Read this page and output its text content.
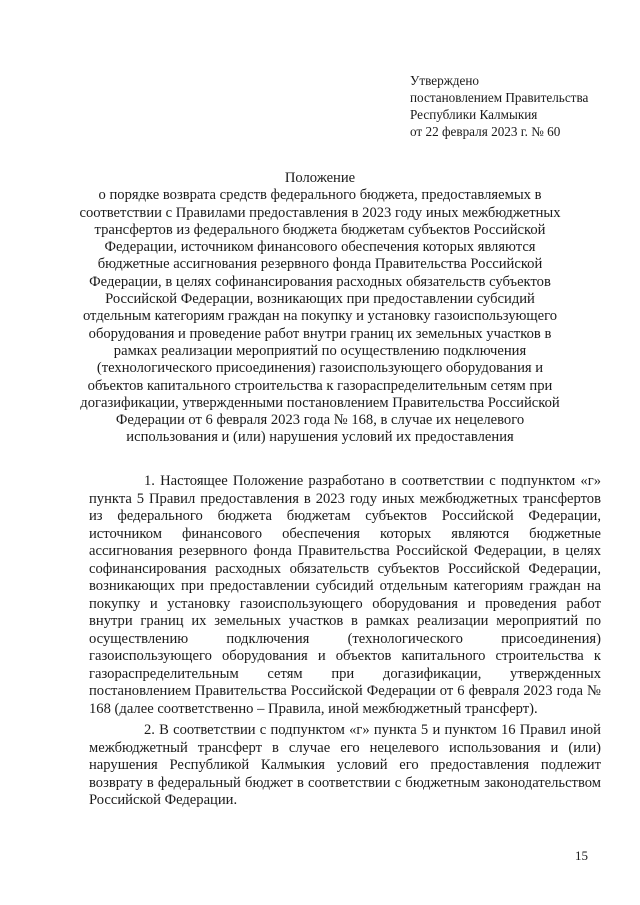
Утверждено
постановлением Правительства
Республики Калмыкия
от 22 февраля 2023 г. № 60
Положение
о порядке возврата средств федерального бюджета, предоставляемых в
соответствии с Правилами предоставления в 2023 году иных межбюджетных
трансфертов из федерального бюджета бюджетам субъектов Российской
Федерации, источником финансового обеспечения которых являются
бюджетные ассигнования резервного фонда Правительства Российской
Федерации, в целях софинансирования расходных обязательств субъектов
Российской Федерации, возникающих при предоставлении субсидий
отдельным категориям граждан на покупку и установку газоиспользующего
оборудования и проведение работ внутри границ их земельных участков в
рамках реализации мероприятий по осуществлению подключения
(технологического присоединения) газоиспользующего оборудования и
объектов капитального строительства к газораспределительным сетям при
догазификации, утвержденными постановлением Правительства Российской
Федерации от 6 февраля 2023 года № 168, в случае их нецелевого
использования и (или) нарушения условий их предоставления

1. Настоящее Положение разработано в соответствии с подпунктом «г» пункта 5 Правил предоставления в 2023 году иных межбюджетных трансфертов из федерального бюджета бюджетам субъектов Российской Федерации, источником финансового обеспечения которых являются бюджетные ассигнования резервного фонда Правительства Российской Федерации, в целях софинансирования расходных обязательств субъектов Российской Федерации, возникающих при предоставлении субсидий отдельным категориям граждан на покупку и установку газоиспользующего оборудования и проведения работ внутри границ их земельных участков в рамках реализации мероприятий по осуществлению подключения (технологического присоединения) газоиспользующего оборудования и объектов капитального строительства к газораспределительным сетям при догазификации, утвержденных постановлением Правительства Российской Федерации от 6 февраля 2023 года № 168 (далее соответственно – Правила, иной межбюджетный трансферт).

2. В соответствии с подпунктом «г» пункта 5 и пунктом 16 Правил иной межбюджетный трансферт в случае его нецелевого использования и (или) нарушения Республикой Калмыкия условий его предоставления подлежит возврату в федеральный бюджет в соответствии с бюджетным законодательством Российской Федерации.

15
